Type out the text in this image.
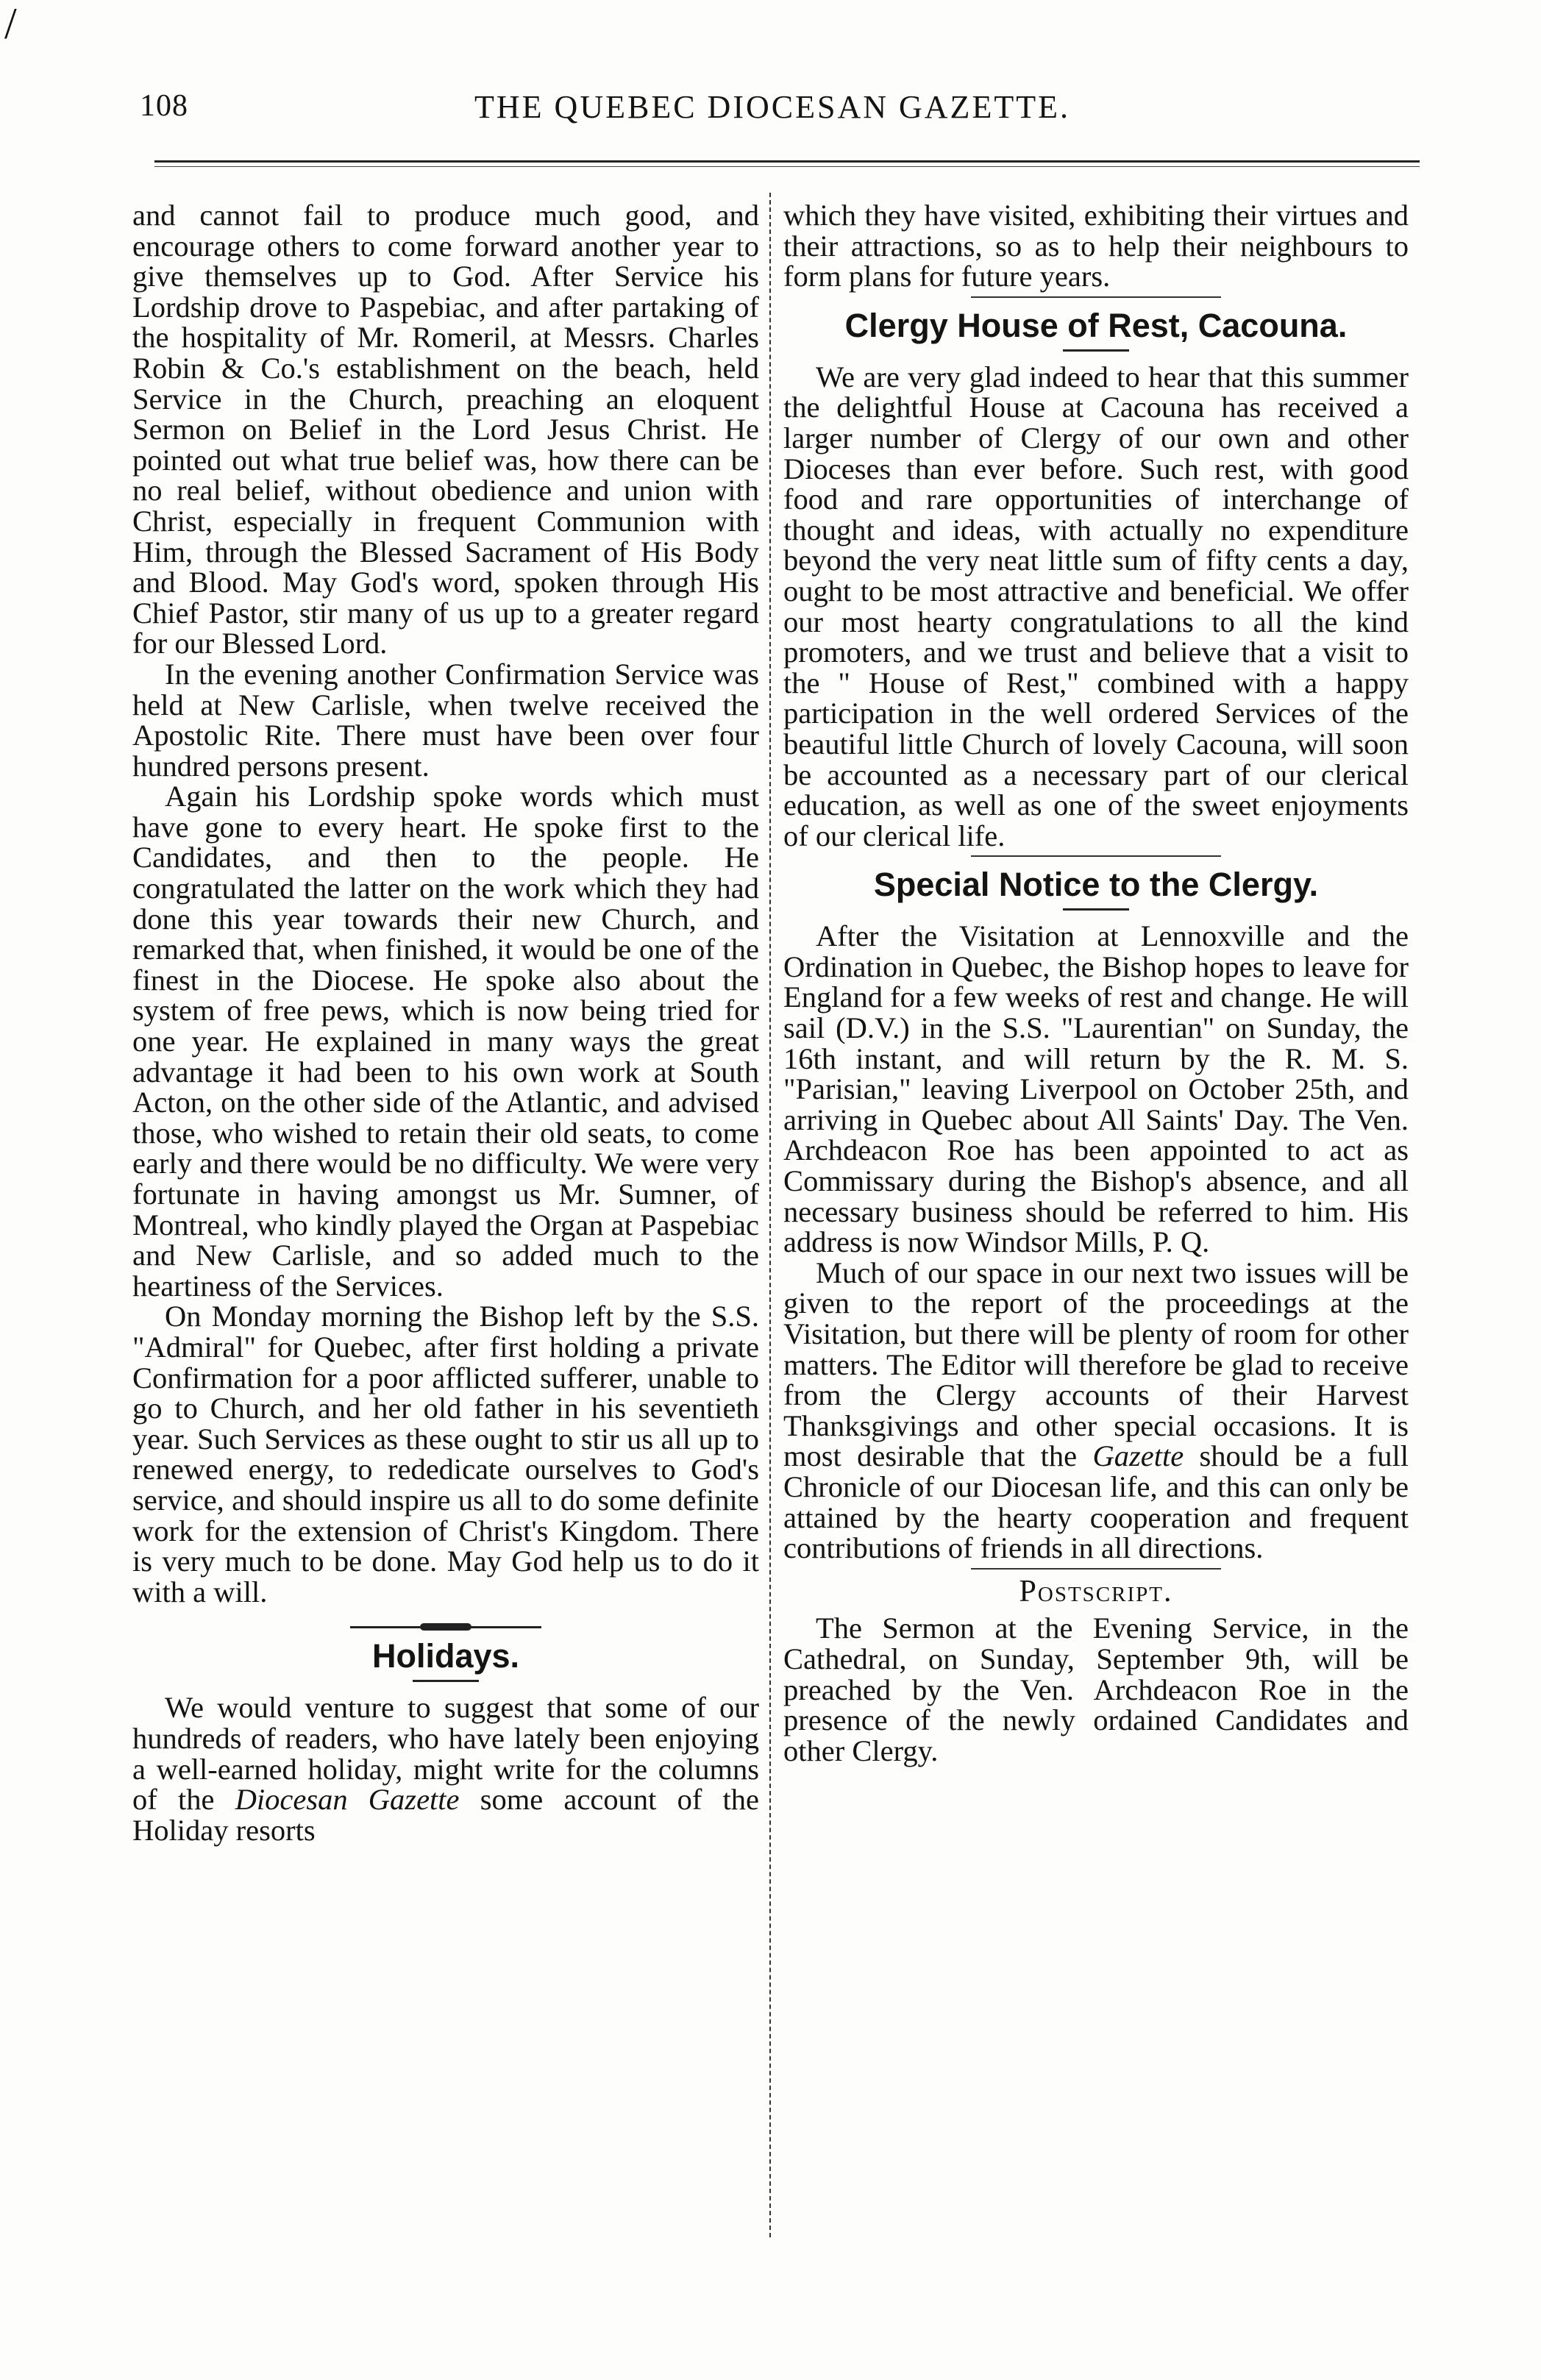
/
108	THE QUEBEC DIOCESAN GAZETTE.

and cannot fail to produce much good, and encourage others to come forward another year to give themselves up to God. After Service his Lordship drove to Paspebiac, and after partaking of the hospitality of Mr. Romeril, at Messrs. Charles Robin & Co.'s establishment on the beach, held Service in the Church, preaching an eloquent Sermon on Belief in the Lord Jesus Christ. He pointed out what true belief was, how there can be no real belief, without obedience and union with Christ, especially in frequent Communion with Him, through the Blessed Sacrament of His Body and Blood. May God's word, spoken through His Chief Pastor, stir many of us up to a greater regard for our Blessed Lord.

In the evening another Confirmation Service was held at New Carlisle, when twelve received the Apostolic Rite. There must have been over four hundred persons present.

Again his Lordship spoke words which must have gone to every heart. He spoke first to the Candidates, and then to the people. He congratulated the latter on the work which they had done this year towards their new Church, and remarked that, when finished, it would be one of the finest in the Diocese. He spoke also about the system of free pews, which is now being tried for one year. He explained in many ways the great advantage it had been to his own work at South Acton, on the other side of the Atlantic, and advised those, who wished to retain their old seats, to come early and there would be no difficulty. We were very fortunate in having amongst us Mr. Sumner, of Montreal, who kindly played the Organ at Paspebiac and New Carlisle, and so added much to the heartiness of the Services.

On Monday morning the Bishop left by the S.S. "Admiral" for Quebec, after first holding a private Confirmation for a poor afflicted sufferer, unable to go to Church, and her old father in his seventieth year. Such Services as these ought to stir us all up to renewed energy, to rededicate ourselves to God's service, and should inspire us all to do some definite work for the extension of Christ's Kingdom. There is very much to be done. May God help us to do it with a will.

Holidays.

We would venture to suggest that some of our hundreds of readers, who have lately been enjoying a well-earned holiday, might write for the columns of the Diocesan Gazette some account of the Holiday resorts

which they have visited, exhibiting their virtues and their attractions, so as to help their neighbours to form plans for future years.

Clergy House of Rest, Cacouna.

We are very glad indeed to hear that this summer the delightful House at Cacouna has received a larger number of Clergy of our own and other Dioceses than ever before. Such rest, with good food and rare opportunities of interchange of thought and ideas, with actually no expenditure beyond the very neat little sum of fifty cents a day, ought to be most attractive and beneficial. We offer our most hearty congratulations to all the kind promoters, and we trust and believe that a visit to the " House of Rest," combined with a happy participation in the well ordered Services of the beautiful little Church of lovely Cacouna, will soon be accounted as a necessary part of our clerical education, as well as one of the sweet enjoyments of our clerical life.

Special Notice to the Clergy.

After the Visitation at Lennoxville and the Ordination in Quebec, the Bishop hopes to leave for England for a few weeks of rest and change. He will sail (D.V.) in the S.S. "Laurentian" on Sunday, the 16th instant, and will return by the R. M. S. "Parisian," leaving Liverpool on October 25th, and arriving in Quebec about All Saints' Day. The Ven. Archdeacon Roe has been appointed to act as Commissary during the Bishop's absence, and all necessary business should be referred to him. His address is now Windsor Mills, P. Q.

Much of our space in our next two issues will be given to the report of the proceedings at the Visitation, but there will be plenty of room for other matters. The Editor will therefore be glad to receive from the Clergy accounts of their Harvest Thanksgivings and other special occasions. It is most desirable that the Gazette should be a full Chronicle of our Diocesan life, and this can only be attained by the hearty cooperation and frequent contributions of friends in all directions.

Postscript.

The Sermon at the Evening Service, in the Cathedral, on Sunday, September 9th, will be preached by the Ven. Archdeacon Roe in the presence of the newly ordained Candidates and other Clergy.
